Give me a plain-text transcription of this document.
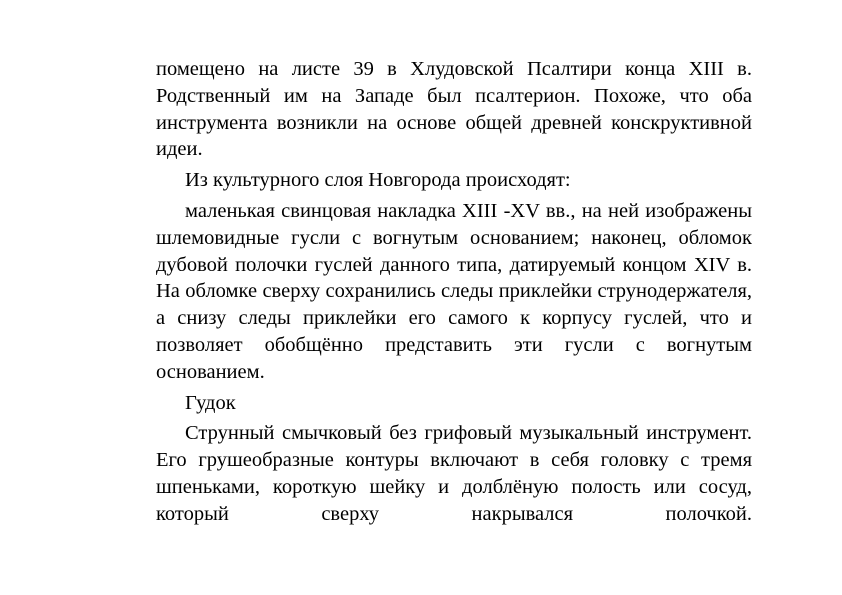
помещено на листе 39 в Хлудовской Псалтири конца XIII в. Родственный им на Западе был псалтерион. Похоже, что оба инструмента возникли на основе общей древней конскруктивной идеи.

Из культурного слоя Новгорода происходят:

маленькая свинцовая накладка XIII -XV вв., на ней изображены шлемовидные гусли с вогнутым основанием; наконец, обломок дубовой полочки гуслей данного типа, датируемый концом XIV в. На обломке сверху сохранились следы приклейки струнодержателя, а снизу следы приклейки его самого к корпусу гуслей, что и позволяет обобщённо представить эти гусли с вогнутым основанием.

Гудок

Струнный смычковый без грифовый музыкальный инструмент. Его грушеобразные контуры включают в себя головку с тремя шпеньками, короткую шейку и долблёную полость или сосуд, который сверху накрывался полочкой.
